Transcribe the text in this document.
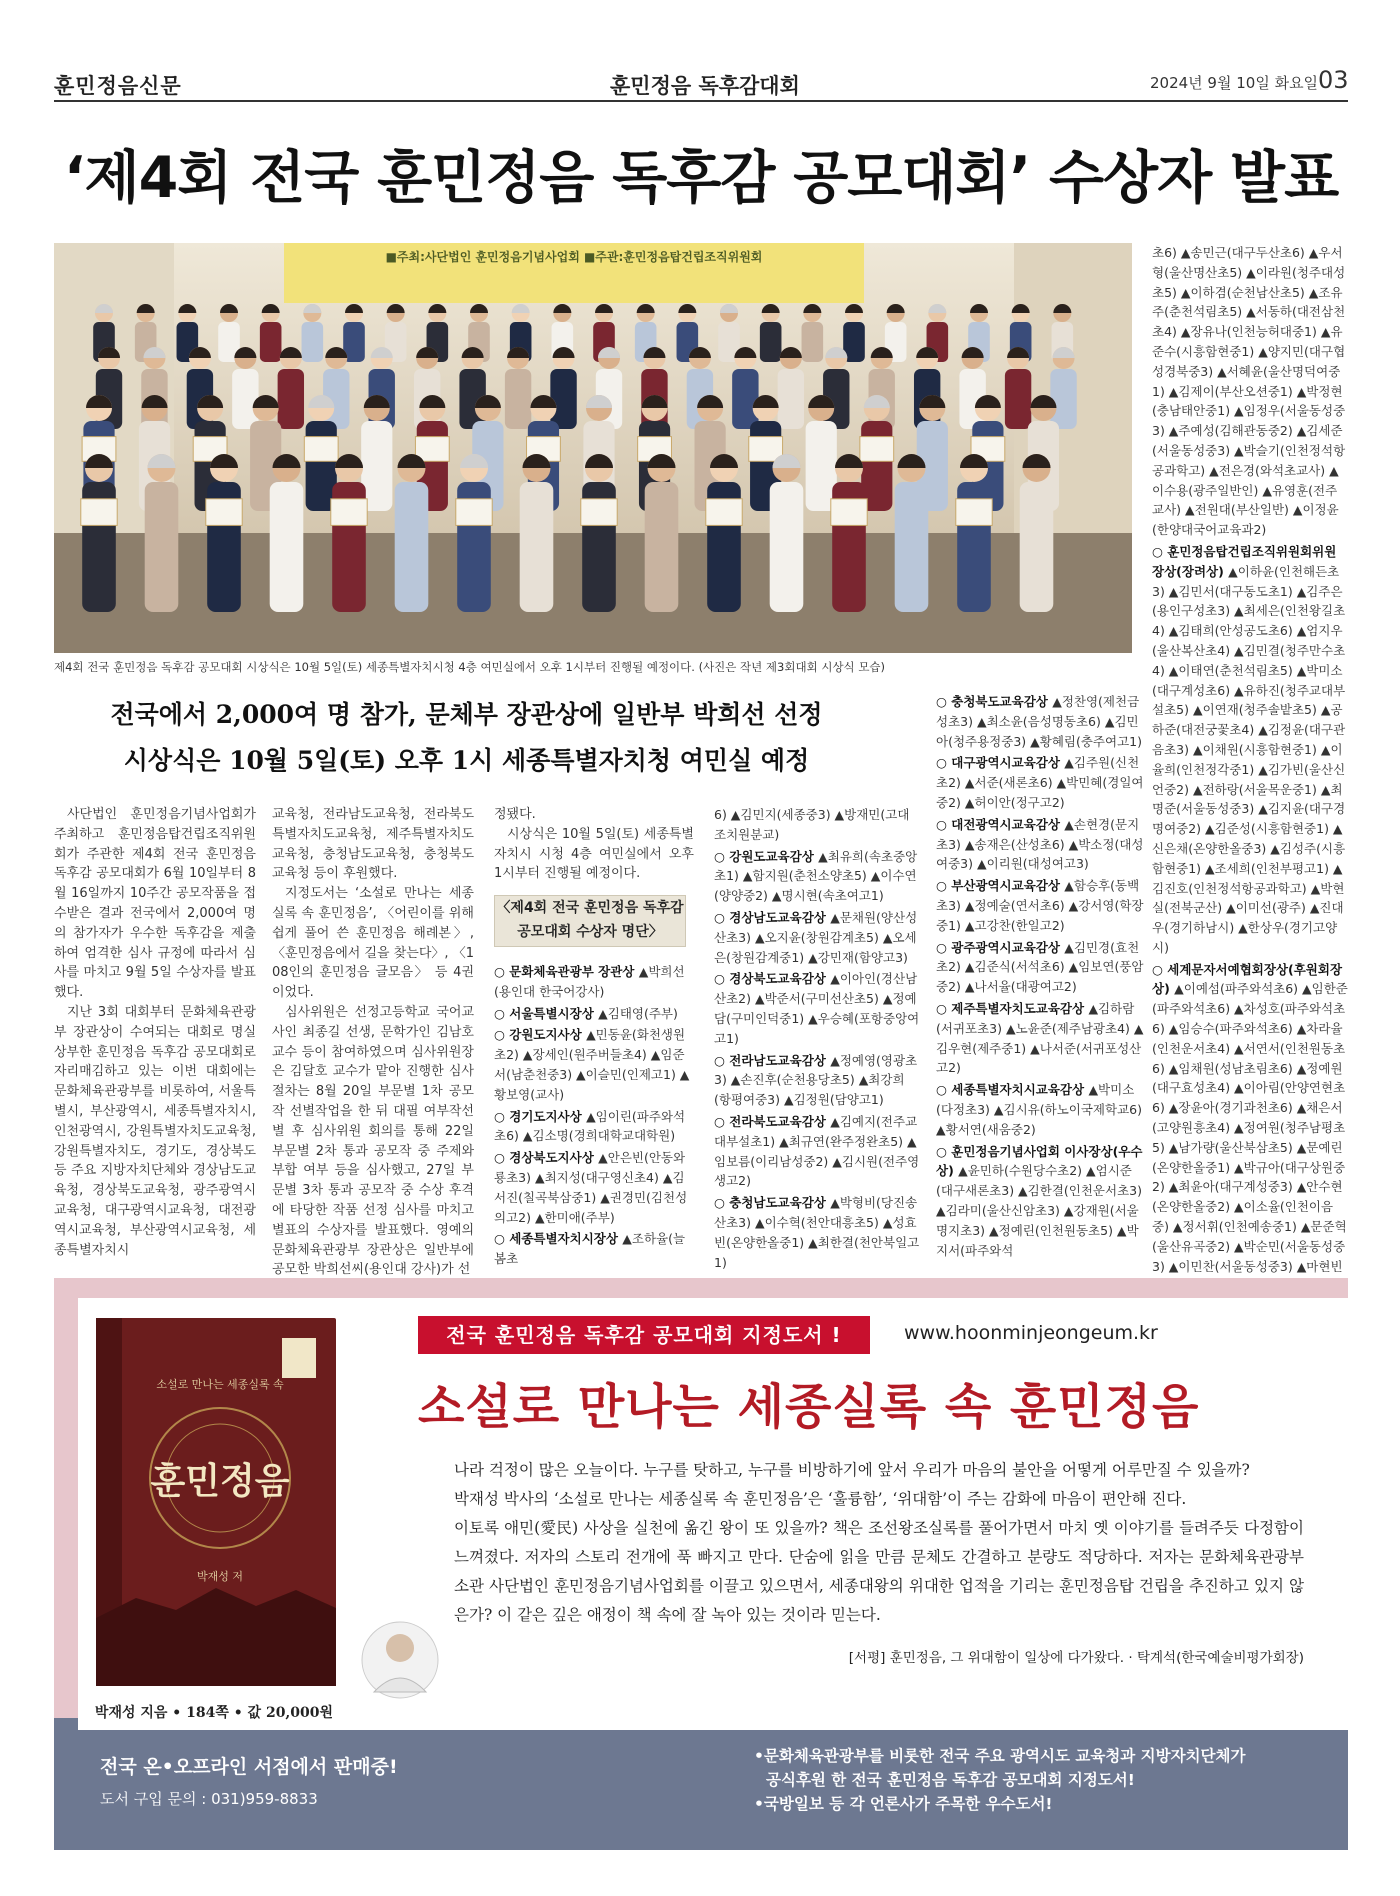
훈민정음신문	훈민정음 독후감대회	2024년 9월 10일 화요일 03
‘제4회 전국 훈민정음 독후감 공모대회’ 수상자 발표
■주최:사단법인 훈민정음기념사업회 ■주관:훈민정음탑건립조직위원회
제4회 전국 훈민정음 독후감 공모대회 시상식은 10월 5일(토) 세종특별자치시청 4층 여민실에서 오후 1시부터 진행될 예정이다. (사진은 작년 제3회대회 시상식 모습)
전국에서 2,000여 명 참가, 문체부 장관상에 일반부 박희선 선정
시상식은 10월 5일(토) 오후 1시 세종특별자치청 여민실 예정

사단법인 훈민정음기념사업회가 주최하고 훈민정음탑건립조직위원회가 주관한 제4회 전국 훈민정음 독후감 공모대회가 6월 10일부터 8월 16일까지 10주간 공모작품을 접수받은 결과 전국에서 2,000여 명의 참가자가 우수한 독후감을 제출하여 엄격한 심사 규정에 따라서 심사를 마치고 9월 5일 수상자를 발표했다.

지난 3회 대회부터 문화체육관광부 장관상이 수여되는 대회로 명실상부한 훈민정음 독후감 공모대회로 자리매김하고 있는 이번 대회에는 문화체육관광부를 비롯하여, 서울특별시, 부산광역시, 세종특별자치시, 인천광역시, 강원특별자치도교육청, 강원특별자치도, 경기도, 경상북도 등 주요 지방자치단체와 경상남도교육청, 경상북도교육청, 광주광역시교육청, 대구광역시교육청, 대전광역시교육청, 부산광역시교육청, 세종특별자치시

교육청, 전라남도교육청, 전라북도특별자치도교육청, 제주특별자치도교육청, 충청남도교육청, 충청북도교육청 등이 후원했다.

지정도서는 ‘소설로 만나는 세종실록 속 훈민정음’, 〈어린이를 위해 쉽게 풀어 쓴 훈민정음 해례본〉, 〈훈민정음에서 길을 찾는다〉, 〈108인의 훈민정음 글모음〉 등 4권이었다.

심사위원은 선정고등학교 국어교사인 최종길 선생, 문학가인 김남호 교수 등이 참여하였으며 심사위원장은 김달호 교수가 맡아 진행한 심사절차는 8월 20일 부문별 1차 공모작 선별작업을 한 뒤 대필 여부작선별 후 심사위원 회의를 통해 22일 부문별 2차 통과 공모작 중 주제와 부합 여부 등을 심사했고, 27일 부문별 3차 통과 공모작 중 수상 후격에 타당한 작품 선정 심사를 마치고 별표의 수상자를 발표했다. 영예의 문화체육관광부 장관상은 일반부에 공모한 박희선씨(용인대 강사)가 선

정됐다.

시상식은 10월 5일(토) 세종특별자치시 시청 4층 여민실에서 오후 1시부터 진행될 예정이다.

〈제4회 전국 훈민정음 독후감 공모대회 수상자 명단〉

○ 문화체육관광부 장관상 ▲박희선(용인대 한국어강사)

○ 서울특별시장상 ▲김태영(주부)

○ 강원도지사상 ▲민동윤(화천생원초2) ▲장세인(원주버들초4) ▲임준서(남춘천중3) ▲이슬민(인제고1) ▲황보영(교사)

○ 경기도지사상 ▲임이린(파주와석초6) ▲김소명(경희대학교대학원)

○ 경상북도지사상 ▲안은빈(안동와룡초3) ▲최지성(대구영신초4) ▲김서진(칠곡북삼중1) ▲권경민(김천성의고2) ▲한미애(주부)

○ 세종특별자치시장상 ▲조하율(늘봄초

6) ▲김민지(세종중3) ▲방재민(고대조치원분교)

○ 강원도교육감상 ▲최유희(속초중앙초1) ▲함지원(춘천소양초5) ▲이수연(양양중2) ▲명시현(속초여고1)

○ 경상남도교육감상 ▲문채원(양산성산초3) ▲오지윤(창원감계초5) ▲오세은(창원감계중1) ▲강민재(함양고3)

○ 경상북도교육감상 ▲이아인(경산남산초2) ▲박준서(구미선산초5) ▲정예담(구미인덕중1) ▲우승혜(포항중앙여고1)

○ 전라남도교육감상 ▲정예영(영광초3) ▲손진후(순천용당초5) ▲최강희(항평여중3) ▲김정원(담양고1)

○ 전라북도교육감상 ▲김예지(전주교대부설초1) ▲최규연(완주정완초5) ▲임보름(이리남성중2) ▲김시원(전주영생고2)

○ 충청남도교육감상 ▲박형비(당진송산초3) ▲이수혁(천안대흥초5) ▲성효빈(온양한올중1) ▲최한결(천안북일고1)

○ 충청북도교육감상 ▲정찬영(제천금성초3) ▲최소윤(음성명동초6) ▲김민아(청주용정중3) ▲황혜림(충주여고1)

○ 대구광역시교육감상 ▲김주원(신천초2) ▲서준(새론초6) ▲박민혜(경일여중2) ▲허이안(정구고2)

○ 대전광역시교육감상 ▲손현경(문지초3) ▲송재은(산성초6) ▲박소정(대성여중3) ▲이리원(대성여고3)

○ 부산광역시교육감상 ▲함승후(동백초3) ▲정예술(연서초6) ▲강서영(학장중1) ▲고강찬(한일고2)

○ 광주광역시교육감상 ▲김민경(효천초2) ▲김준식(서석초6) ▲임보연(풍암중2) ▲나서율(대광여고2)

○ 제주특별자치도교육감상 ▲김하람(서귀포초3) ▲노윤준(제주남광초4) ▲김우현(제주중1) ▲나서준(서귀포성산고2)

○ 세종특별자치시교육감상 ▲박미소(다정초3) ▲김시유(하노이국제학교6) ▲황서연(새움중2)

○ 훈민정음기념사업회 이사장상(우수상) ▲윤민하(수원당수초2) ▲엄시준(대구새론초3) ▲김한결(인천운서초3) ▲김라미(울산신암초3) ▲강재원(서울명지초3) ▲정예린(인천원동초5) ▲박지서(파주와석

초6) ▲송민근(대구두산초6) ▲우서형(울산명산초5) ▲이라원(청주대성초5) ▲이하겸(순천남산초5) ▲조유주(춘천석림초5) ▲서동하(대전삼천초4) ▲장유나(인천능허대중1) ▲유준수(시흥함현중1) ▲양지민(대구협성경북중3) ▲서혜윤(울산명덕여중1) ▲김제이(부산오션중1) ▲박정현(충남태안중1) ▲임정우(서울동성중3) ▲주예성(김해관동중2) ▲김세준(서울동성중3) ▲박슬기(인천정석항공과학고) ▲전은경(와석초교사) ▲이수용(광주일반인) ▲유영훈(전주교사) ▲전원대(부산일반) ▲이정윤(한양대국어교육과2)

○ 훈민정음탑건립조직위원회위원장상(장려상) ▲이하윤(인천해든초3) ▲김민서(대구동도초1) ▲김주은(용인구성초3) ▲최세은(인천왕길초4) ▲김태희(안성공도초6) ▲엄지우(울산복산초4) ▲김민결(청주만수초4) ▲이태연(춘천석림초5) ▲박미소(대구계성초6) ▲유하진(청주교대부설초5) ▲이연재(청주솔밭초5) ▲공하준(대전궁꽃초4) ▲김정윤(대구관음초3) ▲이채원(시흥함현중1) ▲이율희(인천정각중1) ▲김가빈(울산신언중2) ▲전하랑(서울목운중1) ▲최명준(서울동성중3) ▲김지윤(대구경명여중2) ▲김준성(시흥함현중1) ▲신은채(온양한올중3) ▲김성주(시흥함현중1) ▲조세희(인천부평고1) ▲김진호(인천정석항공과학고) ▲박현실(전북군산) ▲이미선(광주) ▲진대우(경기하남시) ▲한상우(경기고양시)

○ 세계문자서예협회장상(후원회장상) ▲이예섬(파주와석초6) ▲임한준(파주와석초6) ▲차성호(파주와석초6) ▲임승수(파주와석초6) ▲차라율(인천운서초4) ▲서연서(인천원동초6) ▲임채원(성남초림초6) ▲정예원(대구효성초4) ▲이아림(안양연현초6) ▲장윤아(경기과천초6) ▲채은서(고양원흥초4) ▲정여원(청주남평초5) ▲남가량(울산북삼초5) ▲문예린(온양한올중1) ▲박규아(대구상원중2) ▲최윤아(대구계성중3) ▲안수현(온양한올중2) ▲이소율(인천이음중) ▲정서휘(인천예송중1) ▲문준혁(울산유곡중2) ▲박순민(서울동성중3) ▲이민찬(서울동성중3) ▲마현빈

소설로 만나는 세종실록 속
훈민정음
박재성 저
전국 훈민정음 독후감 공모대회 지정도서 !	www.hoonminjeongeum.kr
소설로 만나는 세종실록 속 훈민정음
나라 걱정이 많은 오늘이다. 누구를 탓하고, 누구를 비방하기에 앞서 우리가 마음의 불안을 어떻게 어루만질 수 있을까?
박재성 박사의 ‘소설로 만나는 세종실록 속 훈민정음’은 ‘훌륭함’, ‘위대함’이 주는 감화에 마음이 편안해 진다.
이토록 애민(愛民) 사상을 실천에 옮긴 왕이 또 있을까? 책은 조선왕조실록를 풀어가면서 마치 옛 이야기를 들려주듯 다정함이 느껴졌다. 저자의 스토리 전개에 푹 빠지고 만다. 단숨에 읽을 만큼 문체도 간결하고 분량도 적당하다. 저자는 문화체육관광부 소관 사단법인 훈민정음기념사업회를 이끌고 있으면서, 세종대왕의 위대한 업적을 기리는 훈민정음탑 건립을 추진하고 있지 않은가? 이 같은 깊은 애정이 책 속에 잘 녹아 있는 것이라 믿는다.
[서평] 훈민정음, 그 위대함이 일상에 다가왔다. · 탁계석(한국예술비평가회장)
박재성 지음 • 184쪽 • 값 20,000원
전국 온•오프라인 서점에서 판매중!
도서 구입 문의 : 031)959-8833
•문화체육관광부를 비롯한 전국 주요 광역시도 교육청과 지방자치단체가
공식후원 한 전국 훈민정음 독후감 공모대회 지정도서!
•국방일보 등 각 언론사가 주목한 우수도서!
